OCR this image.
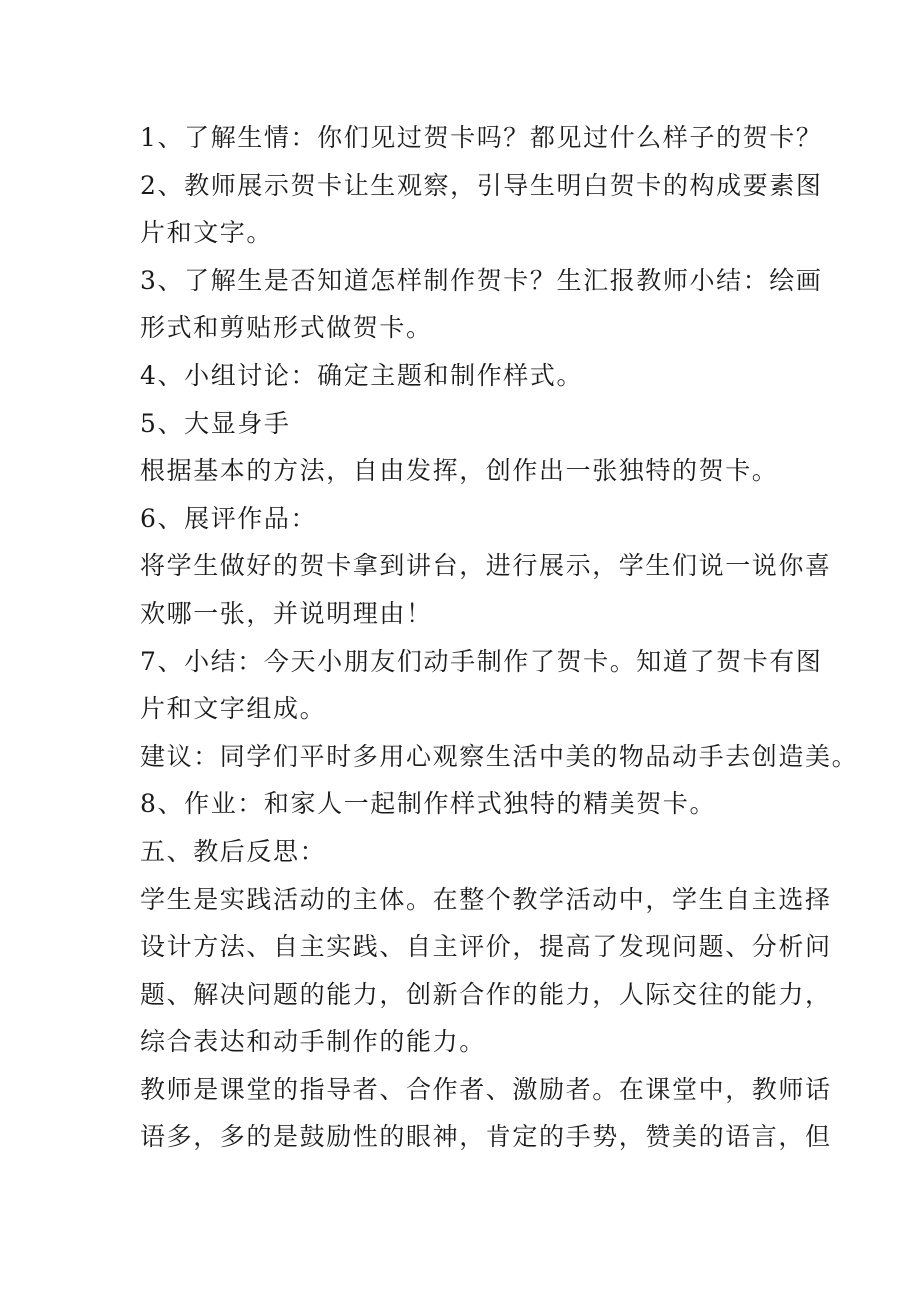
1、了解生情：你们见过贺卡吗？都见过什么样子的贺卡？
2、教师展示贺卡让生观察，引导生明白贺卡的构成要素图
片和文字。
3、了解生是否知道怎样制作贺卡？生汇报教师小结：绘画
形式和剪贴形式做贺卡。
4、小组讨论：确定主题和制作样式。
5、大显身手
根据基本的方法，自由发挥，创作出一张独特的贺卡。
6、展评作品：
将学生做好的贺卡拿到讲台，进行展示，学生们说一说你喜
欢哪一张，并说明理由！
7、小结：今天小朋友们动手制作了贺卡。知道了贺卡有图
片和文字组成。
建议：同学们平时多用心观察生活中美的物品动手去创造美。
8、作业：和家人一起制作样式独特的精美贺卡。
五、教后反思：
学生是实践活动的主体。在整个教学活动中，学生自主选择
设计方法、自主实践、自主评价，提高了发现问题、分析问
题、解决问题的能力，创新合作的能力，人际交往的能力，
综合表达和动手制作的能力。
教师是课堂的指导者、合作者、激励者。在课堂中，教师话
语多，多的是鼓励性的眼神，肯定的手势，赞美的语言，但
